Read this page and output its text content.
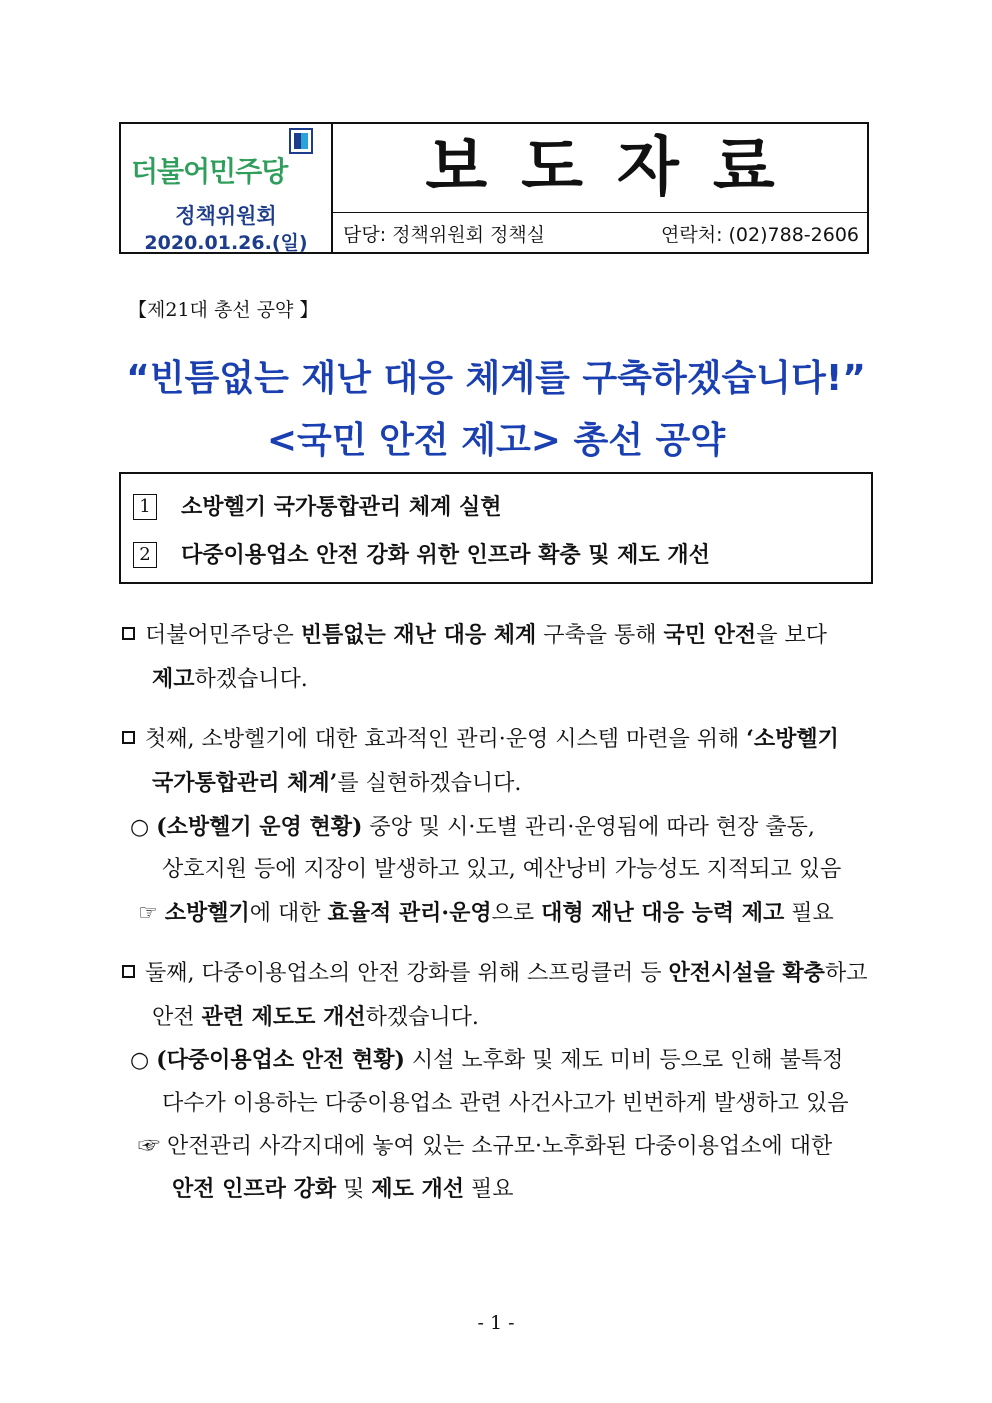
더불어민주당
정책위원회
2020.01.26.(일)
보도자료
담당: 정책위원회 정책실	연락처: (02)788-2606
【제21대 총선 공약 】
“빈틈없는 재난 대응 체계를 구축하겠습니다!”
<국민 안전 제고> 총선 공약
1 소방헬기 국가통합관리 체계 실현
2 다중이용업소 안전 강화 위한 인프라 확충 및 제도 개선
더불어민주당은 빈틈없는 재난 대응 체계 구축을 통해 국민 안전을 보다
제고하겠습니다.
첫째, 소방헬기에 대한 효과적인 관리·운영 시스템 마련을 위해 ‘소방헬기
국가통합관리 체계’를 실현하겠습니다.
○ (소방헬기 운영 현황) 중앙 및 시·도별 관리·운영됨에 따라 현장 출동,
상호지원 등에 지장이 발생하고 있고, 예산낭비 가능성도 지적되고 있음
☞ 소방헬기에 대한 효율적 관리·운영으로 대형 재난 대응 능력 제고 필요
둘째, 다중이용업소의 안전 강화를 위해 스프링클러 등 안전시설을 확충하고
안전 관련 제도도 개선하겠습니다.
○ (다중이용업소 안전 현황) 시설 노후화 및 제도 미비 등으로 인해 불특정
다수가 이용하는 다중이용업소 관련 사건사고가 빈번하게 발생하고 있음
☞ 안전관리 사각지대에 놓여 있는 소규모·노후화된 다중이용업소에 대한
안전 인프라 강화 및 제도 개선 필요
- 1 -
